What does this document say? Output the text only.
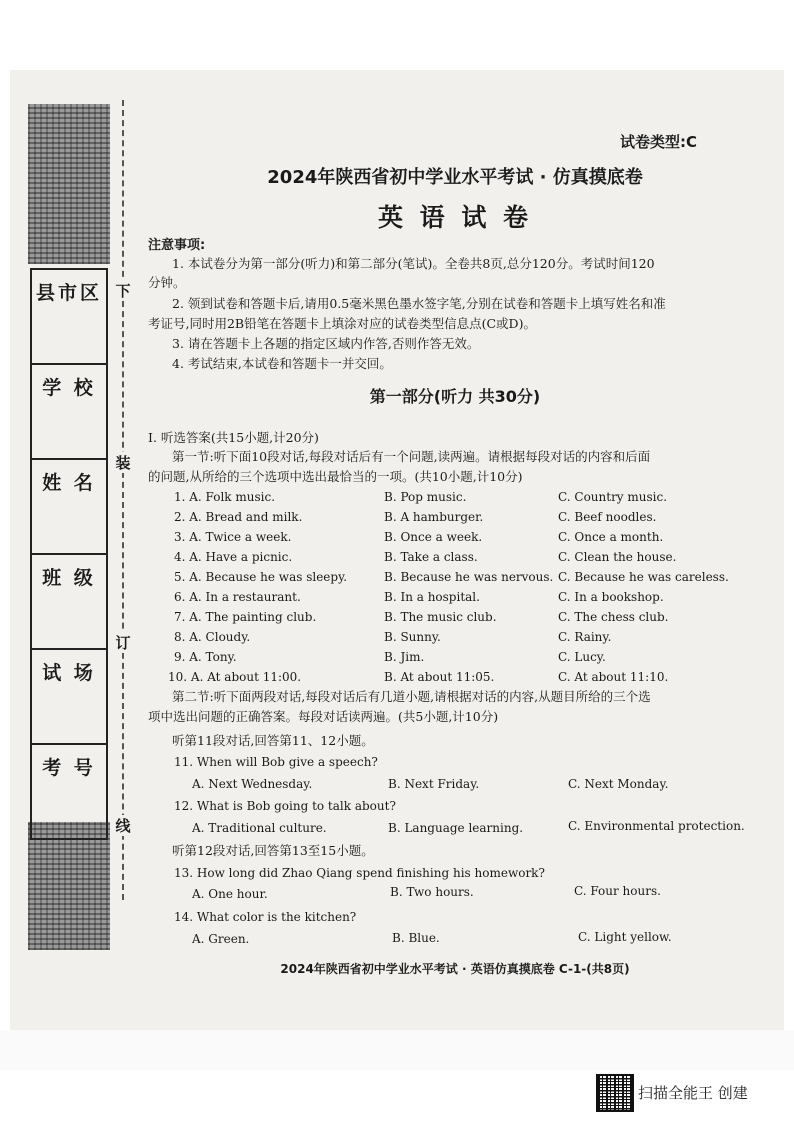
县市区
学 校
姓 名
班 级
试 场
考 号
下
装
订
线
试卷类型:C
2024年陕西省初中学业水平考试 · 仿真摸底卷
英 语 试 卷
注意事项:
1. 本试卷分为第一部分(听力)和第二部分(笔试)。全卷共8页,总分120分。考试时间120
分钟。
2. 领到试卷和答题卡后,请用0.5毫米黑色墨水签字笔,分别在试卷和答题卡上填写姓名和准
考证号,同时用2B铅笔在答题卡上填涂对应的试卷类型信息点(C或D)。
3. 请在答题卡上各题的指定区域内作答,否则作答无效。
4. 考试结束,本试卷和答题卡一并交回。
第一部分(听力 共30分)
Ⅰ. 听选答案(共15小题,计20分)
第一节:听下面10段对话,每段对话后有一个问题,读两遍。请根据每段对话的内容和后面
的问题,从所给的三个选项中选出最恰当的一项。(共10小题,计10分)
1. A. Folk music.	B. Pop music.	C. Country music.
2. A. Bread and milk.	B. A hamburger.	C. Beef noodles.
3. A. Twice a week.	B. Once a week.	C. Once a month.
4. A. Have a picnic.	B. Take a class.	C. Clean the house.
5. A. Because he was sleepy.	B. Because he was nervous. C. Because he was careless.
6. A. In a restaurant.	B. In a hospital.	C. In a bookshop.
7. A. The painting club.	B. The music club.	C. The chess club.
8. A. Cloudy.	B. Sunny.	C. Rainy.
9. A. Tony.	B. Jim.	C. Lucy.
10. A. At about 11:00.	B. At about 11:05.	C. At about 11:10.
第二节:听下面两段对话,每段对话后有几道小题,请根据对话的内容,从题目所给的三个选
项中选出问题的正确答案。每段对话读两遍。(共5小题,计10分)
听第11段对话,回答第11、12小题。
11. When will Bob give a speech?
A. Next Wednesday.	B. Next Friday.	C. Next Monday.
12. What is Bob going to talk about?
A. Traditional culture.	B. Language learning.	C. Environmental protection.
听第12段对话,回答第13至15小题。
13. How long did Zhao Qiang spend finishing his homework?
A. One hour.	B. Two hours.	C. Four hours.
14. What color is the kitchen?
A. Green.	B. Blue.	C. Light yellow.
2024年陕西省初中学业水平考试 · 英语仿真摸底卷 C-1-(共8页)
扫描全能王 创建
